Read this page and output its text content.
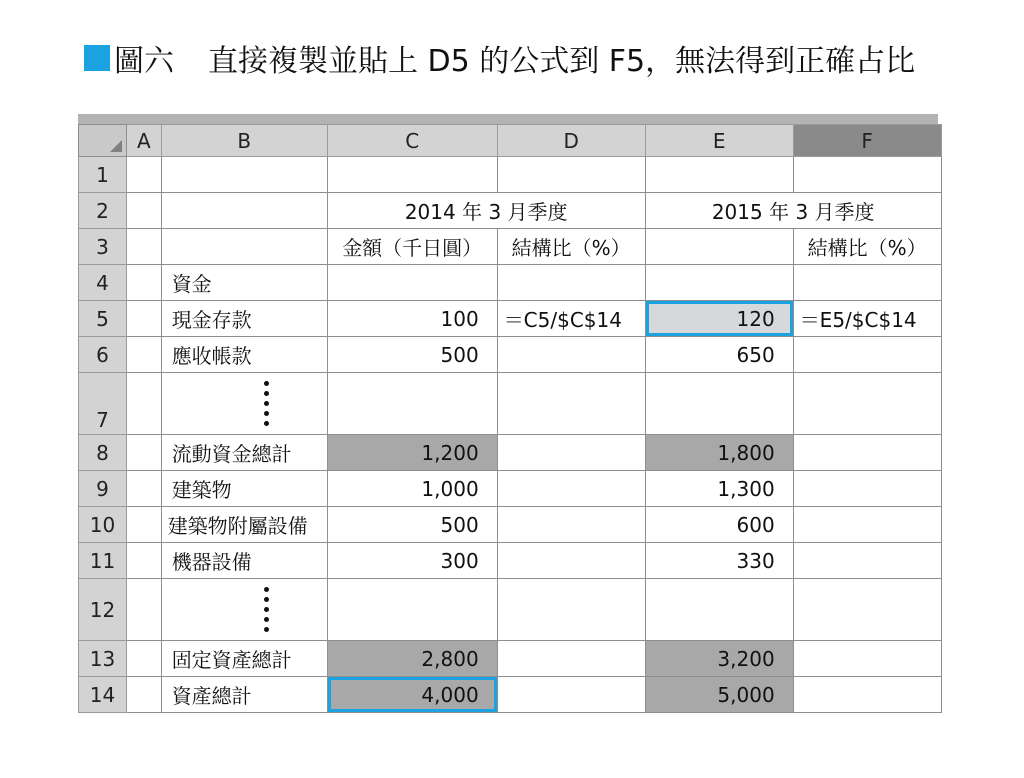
圖六 直接複製並貼上 D5 的公式到 F5，無法得到正確占比
	A	B	C	D	E	F
1						
2			2014 年 3 月季度		2015 年 3 月季度	
3			金額（千日圓）	結構比（%）		結構比（%）
4		資金				
5		現金存款	100	＝C5/$C$14	120	＝E5/$C$14
6		應收帳款	500		650	
7		

8		流動資金總計	1,200		1,800	
9		建築物	1,000		1,300	
10		建築物附屬設備	500		600	
11		機器設備	300		330	
12		

13		固定資產總計	2,800		3,200	
14		資產總計	4,000		5,000	
